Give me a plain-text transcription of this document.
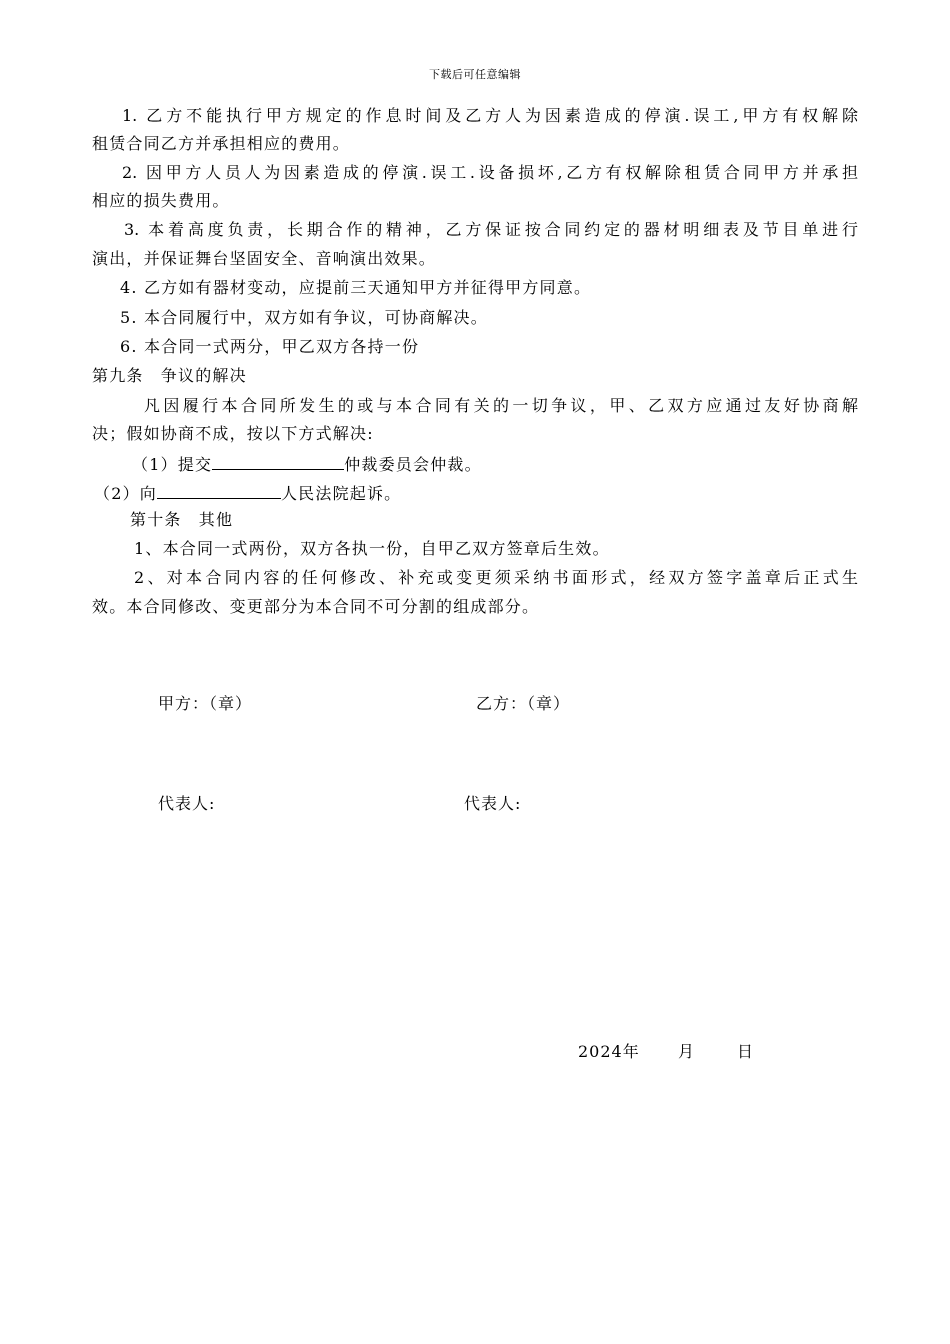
下载后可任意编辑
1. 乙方不能执行甲方规定的作息时间及乙方人为因素造成的停演.误工,甲方有权解除
租赁合同乙方并承担相应的费用。
2. 因甲方人员人为因素造成的停演.误工.设备损坏,乙方有权解除租赁合同甲方并承担
相应的损失费用。
3. 本着高度负责，长期合作的精神，乙方保证按合同约定的器材明细表及节目单进行
演出，并保证舞台坚固安全、音响演出效果。
4. 乙方如有器材变动，应提前三天通知甲方并征得甲方同意。
5. 本合同履行中，双方如有争议，可协商解决。
6. 本合同一式两分，甲乙双方各持一份
第九条　争议的解决
凡因履行本合同所发生的或与本合同有关的一切争议，甲、乙双方应通过友好协商解
决；假如协商不成，按以下方式解决:
（1）提交	仲裁委员会仲裁。
（2）向	人民法院起诉。
第十条　其他
1、本合同一式两份，双方各执一份，自甲乙双方签章后生效。
2、对本合同内容的任何修改、补充或变更须采纳书面形式，经双方签字盖章后正式生
效。本合同修改、变更部分为本合同不可分割的组成部分。
甲方：（章）	乙方：（章）
代表人:	代表人:
2024年 月	日
